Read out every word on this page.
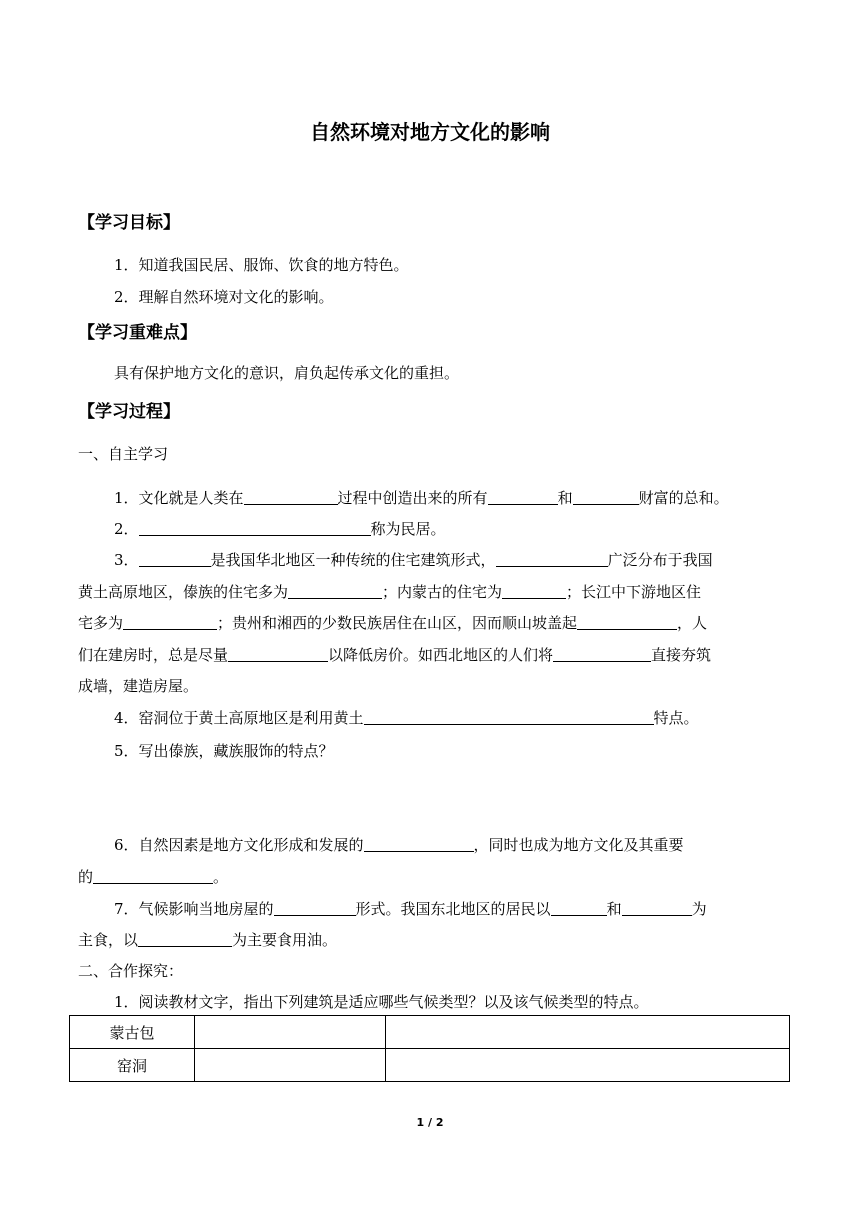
自然环境对地方文化的影响
【学习目标】
1．知道我国民居、服饰、饮食的地方特色。
2．理解自然环境对文化的影响。
【学习重难点】
具有保护地方文化的意识，肩负起传承文化的重担。
【学习过程】
一、自主学习
1．文化就是人类在	过程中创造出来的所有	和	财富的总和。
2．	称为民居。
3．	是我国华北地区一种传统的住宅建筑形式，	广泛分布于我国
黄土高原地区，傣族的住宅多为	；内蒙古的住宅为	；长江中下游地区住
宅多为	；贵州和湘西的少数民族居住在山区，因而顺山坡盖起	，人
们在建房时，总是尽量	以降低房价。如西北地区的人们将	直接夯筑
成墙，建造房屋。
4．窑洞位于黄土高原地区是利用黄土	特点。
5．写出傣族，藏族服饰的特点？
6．自然因素是地方文化形成和发展的	，同时也成为地方文化及其重要
的	。
7．气候影响当地房屋的	形式。我国东北地区的居民以	和	为
主食，以	为主要食用油。
二、合作探究：
1．阅读教材文字，指出下列建筑是适应哪些气候类型？以及该气候类型的特点。
蒙古包		
窑洞		
1 / 2
